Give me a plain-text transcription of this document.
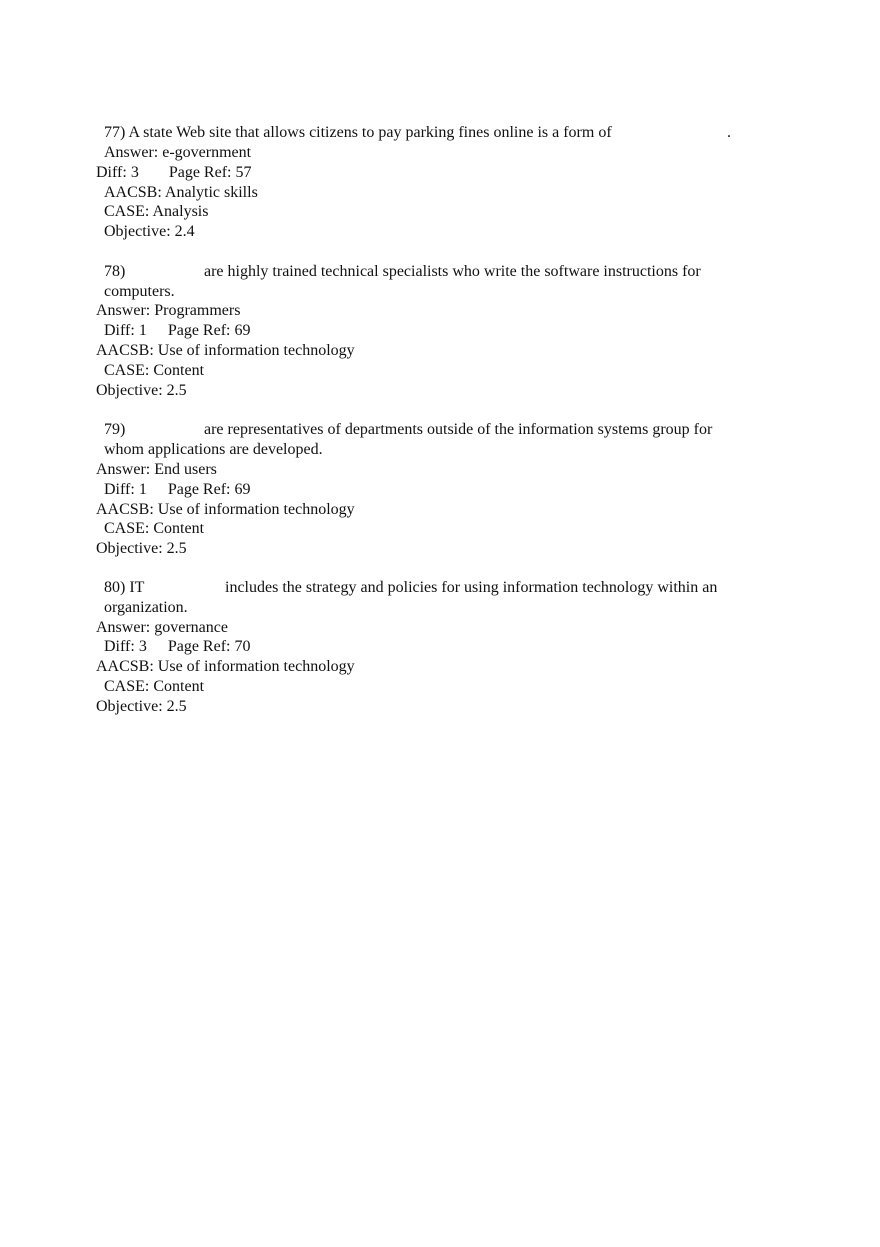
77) A state Web site that allows citizens to pay parking fines online is a form of	.
Answer: e-government
Diff: 3 Page Ref: 57
AACSB: Analytic skills
CASE: Analysis
Objective: 2.4
78)	are highly trained technical specialists who write the software instructions for
computers.
Answer: Programmers
Diff: 1 Page Ref: 69
AACSB: Use of information technology
CASE: Content
Objective: 2.5
79)	are representatives of departments outside of the information systems group for
whom applications are developed.
Answer: End users
Diff: 1 Page Ref: 69
AACSB: Use of information technology
CASE: Content
Objective: 2.5
80) IT	includes the strategy and policies for using information technology within an
organization.
Answer: governance
Diff: 3 Page Ref: 70
AACSB: Use of information technology
CASE: Content
Objective: 2.5
